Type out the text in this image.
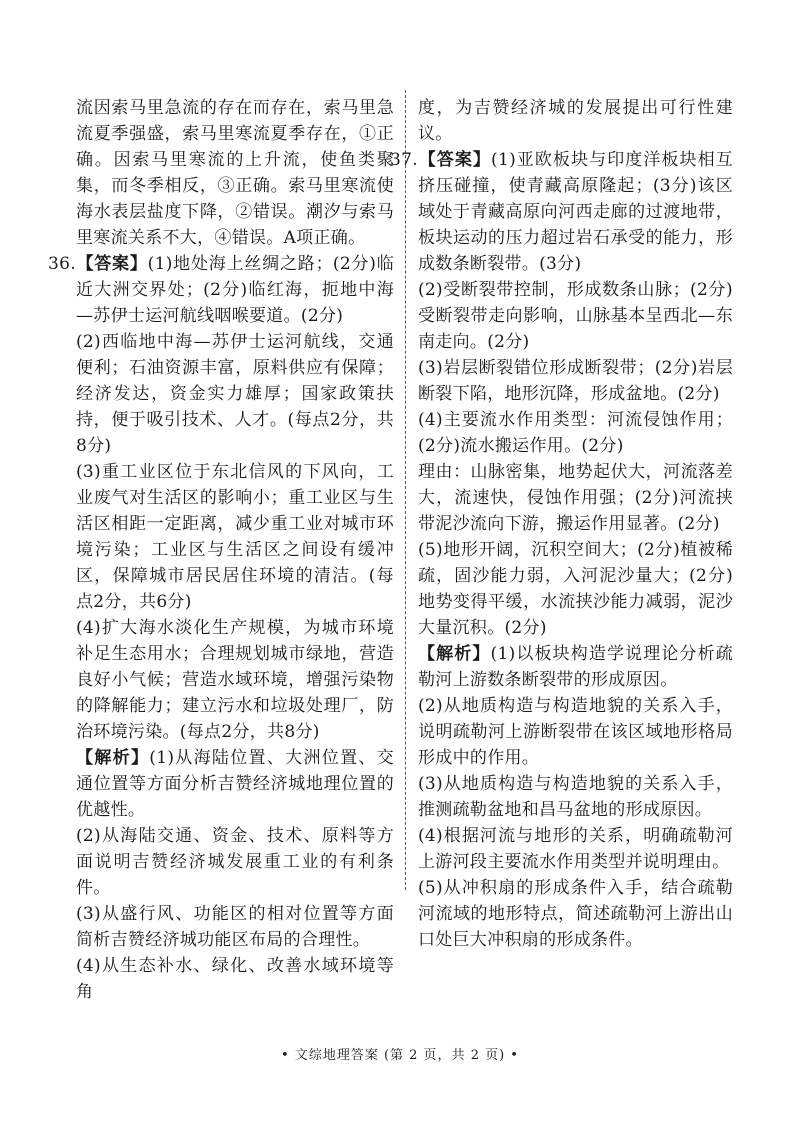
流因索马里急流的存在而存在，索马里急流夏季强盛，索马里寒流夏季存在，①正确。因索马里寒流的上升流，使鱼类聚集，而冬季相反，③正确。索马里寒流使海水表层盐度下降，②错误。潮汐与索马里寒流关系不大，④错误。A项正确。

36.【答案】(1)地处海上丝绸之路；(2分)临近大洲交界处；(2分)临红海，扼地中海—苏伊士运河航线咽喉要道。(2分)

(2)西临地中海—苏伊士运河航线，交通便利；石油资源丰富，原料供应有保障；经济发达，资金实力雄厚；国家政策扶持，便于吸引技术、人才。(每点2分，共8分)

(3)重工业区位于东北信风的下风向，工业废气对生活区的影响小；重工业区与生活区相距一定距离，减少重工业对城市环境污染；工业区与生活区之间设有缓冲区，保障城市居民居住环境的清洁。(每点2分，共6分)

(4)扩大海水淡化生产规模，为城市环境补足生态用水；合理规划城市绿地，营造良好小气候；营造水域环境，增强污染物的降解能力；建立污水和垃圾处理厂，防治环境污染。(每点2分，共8分)

【解析】(1)从海陆位置、大洲位置、交通位置等方面分析吉赞经济城地理位置的优越性。

(2)从海陆交通、资金、技术、原料等方面说明吉赞经济城发展重工业的有利条件。

(3)从盛行风、功能区的相对位置等方面简析吉赞经济城功能区布局的合理性。

(4)从生态补水、绿化、改善水域环境等角

度，为吉赞经济城的发展提出可行性建议。

37.【答案】(1)亚欧板块与印度洋板块相互挤压碰撞，使青藏高原隆起；(3分)该区域处于青藏高原向河西走廊的过渡地带，板块运动的压力超过岩石承受的能力，形成数条断裂带。(3分)

(2)受断裂带控制，形成数条山脉；(2分)受断裂带走向影响，山脉基本呈西北—东南走向。(2分)

(3)岩层断裂错位形成断裂带；(2分)岩层断裂下陷，地形沉降，形成盆地。(2分)

(4)主要流水作用类型：河流侵蚀作用；(2分)流水搬运作用。(2分)

理由：山脉密集，地势起伏大，河流落差大，流速快，侵蚀作用强；(2分)河流挟带泥沙流向下游，搬运作用显著。(2分)

(5)地形开阔，沉积空间大；(2分)植被稀疏，固沙能力弱，入河泥沙量大；(2分)地势变得平缓，水流挟沙能力减弱，泥沙大量沉积。(2分)

【解析】(1)以板块构造学说理论分析疏勒河上游数条断裂带的形成原因。

(2)从地质构造与构造地貌的关系入手，说明疏勒河上游断裂带在该区域地形格局形成中的作用。

(3)从地质构造与构造地貌的关系入手，推测疏勒盆地和昌马盆地的形成原因。

(4)根据河流与地形的关系，明确疏勒河上游河段主要流水作用类型并说明理由。

(5)从冲积扇的形成条件入手，结合疏勒河流域的地形特点，简述疏勒河上游出山口处巨大冲积扇的形成条件。

• 文综地理答案 (第 2 页，共 2 页) •
